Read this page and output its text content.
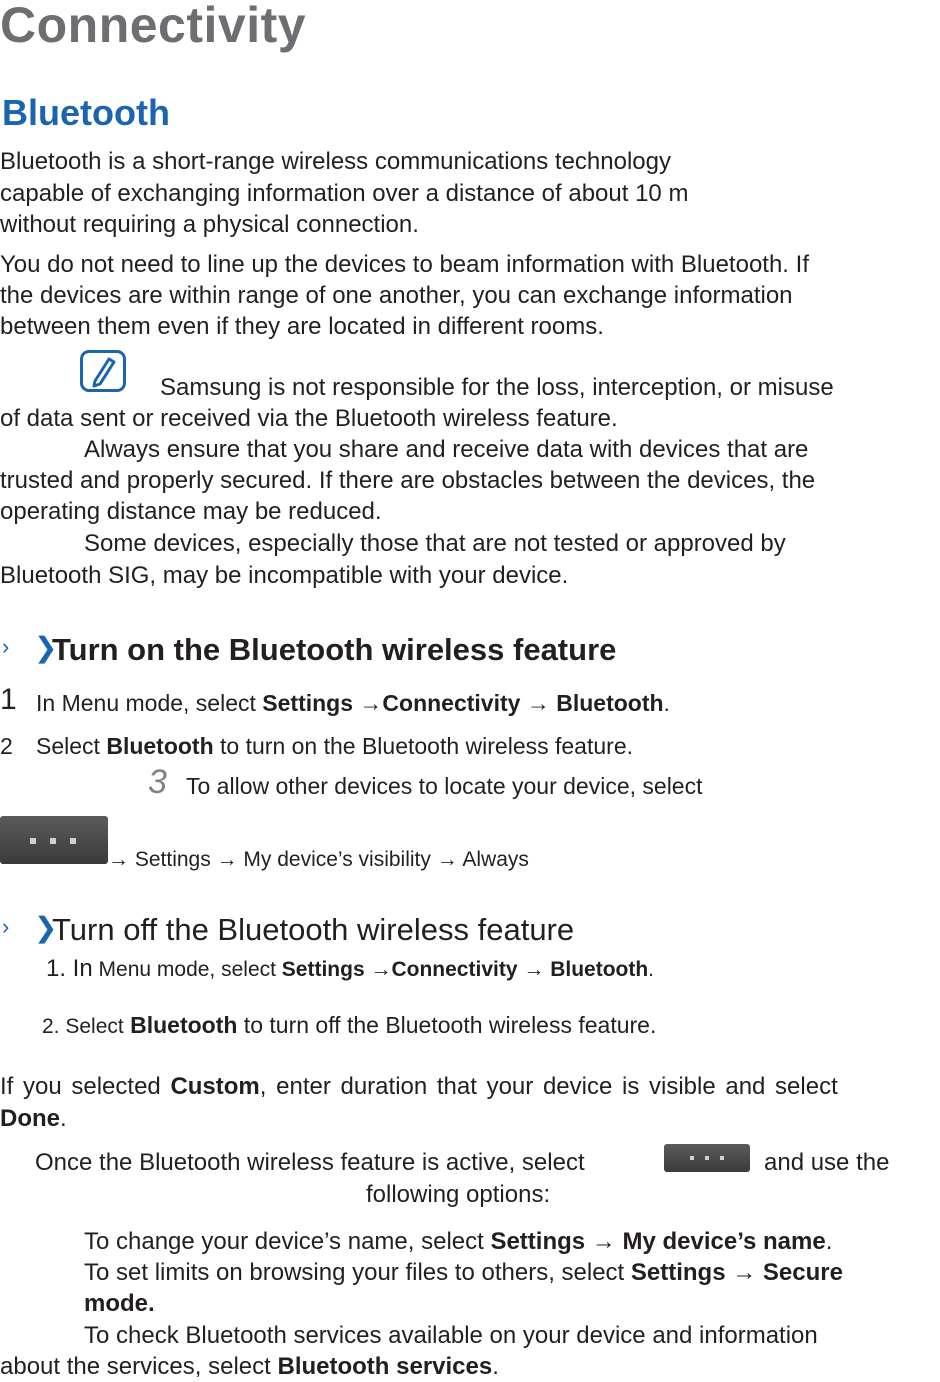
Connectivity
Bluetooth
Bluetooth is a short-range wireless communications technology
capable of exchanging information over a distance of about 10 m
without requiring a physical connection.
You do not need to line up the devices to beam information with Bluetooth. If
the devices are within range of one another, you can exchange information
between them even if they are located in different rooms.
Samsung is not responsible for the loss, interception, or misuse
of data sent or received via the Bluetooth wireless feature.
Always ensure that you share and receive data with devices that are
trusted and properly secured. If there are obstacles between the devices, the
operating distance may be reduced.
Some devices, especially those that are not tested or approved by
Bluetooth SIG, may be incompatible with your device.
› ❯
Turn on the Bluetooth wireless feature
1 In Menu mode, select Settings →Connectivity → Bluetooth.
2 Select Bluetooth to turn on the Bluetooth wireless feature.
3 To allow other devices to locate your device, select
→ Settings → My device’s visibility → Always
› ❯
Turn off the Bluetooth wireless feature
1. In Menu mode, select Settings →Connectivity → Bluetooth.
2. Select Bluetooth to turn off the Bluetooth wireless feature.
If you selected Custom, enter duration that your device is visible and select
Done.
Once the Bluetooth wireless feature is active, select	and use the
following options:
To change your device’s name, select Settings → My device’s name.
To set limits on browsing your files to others, select Settings → Secure
mode.
To check Bluetooth services available on your device and information
about the services, select Bluetooth services.
